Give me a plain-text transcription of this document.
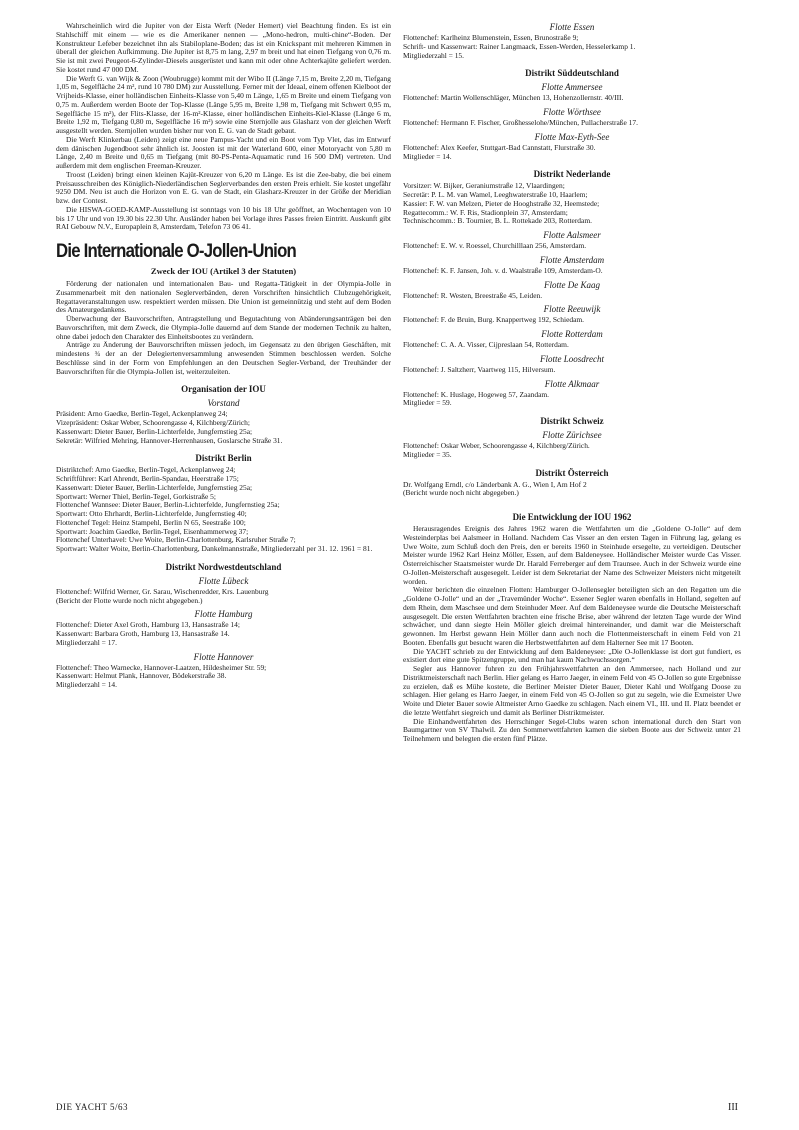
Wahrscheinlich wird die Jupiter von der Eista Werft (Neder Hemert) viel Beachtung finden. Es ist ein Stahlschiff mit einem — wie es die Amerikaner nennen — „Mono-hedron, multi-chine“-Boden. Der Konstrukteur Lefeber bezeichnet ihn als Stabiloplane-Boden; das ist ein Knickspant mit mehreren Kimmen in überall der gleichen Aufkimmung. Die Jupiter ist 8,75 m lang, 2,97 m breit und hat einen Tiefgang von 0,76 m. Sie ist mit zwei Peugeot-6-Zylinder-Diesels ausgerüstet und kann mit oder ohne Achterkajüte geliefert werden. Sie kostet rund 47 000 DM.

Die Werft G. van Wijk & Zoon (Woubrugge) kommt mit der Wibo II (Länge 7,15 m, Breite 2,20 m, Tiefgang 1,05 m, Segelfläche 24 m², rund 10 780 DM) zur Ausstellung. Ferner mit der Ideaal, einem offenen Kielboot der Vrijheids-Klasse, einer holländischen Einheits-Klasse von 5,40 m Länge, 1,65 m Breite und einem Tiefgang von 0,75 m. Außerdem werden Boote der Top-Klasse (Länge 5,95 m, Breite 1,98 m, Tiefgang mit Schwert 0,95 m, Segelfläche 15 m²), der Flits-Klasse, der 16-m²-Klasse, einer holländischen Einheits-Kiel-Klasse (Länge 6 m, Breite 1,92 m, Tiefgang 0,80 m, Segelfläche 16 m²) sowie eine Sternjolle aus Glasharz von der gleichen Werft ausgestellt werden. Sternjollen wurden bisher nur von E. G. van de Stadt gebaut.

Die Werft Klinkerbau (Leiden) zeigt eine neue Pampus-Yacht und ein Boot vom Typ Vlet, das im Entwurf dem dänischen Jugendboot sehr ähnlich ist. Joosten ist mit der Waterland 600, einer Motoryacht von 5,80 m Länge, 2,40 m Breite und 0,65 m Tiefgang (mit 80-PS-Penta-Aquamatic rund 16 500 DM) vertreten. Und außerdem mit dem englischen Freeman-Kreuzer.

Troost (Leiden) bringt einen kleinen Kajüt-Kreuzer von 6,20 m Länge. Es ist die Zee-baby, die bei einem Preisausschreiben des Königlich-Niederländischen Seglerverbandes den ersten Preis erhielt. Sie kostet ungefähr 9250 DM. Neu ist auch die Horizon von E. G. van de Stadt, ein Glasharz-Kreuzer in der Größe der Meridian bzw. der Contest.

Die HISWA-GOED-KAMP-Ausstellung ist sonntags von 10 bis 18 Uhr geöffnet, an Wochentagen von 10 bis 17 Uhr und von 19.30 bis 22.30 Uhr. Ausländer haben bei Vorlage ihres Passes freien Eintritt. Auskunft gibt RAI Gebouw N.V., Europaplein 8, Amsterdam, Telefon 73 06 41.

Die Internationale O-Jollen-Union
Zweck der IOU (Artikel 3 der Statuten)

Förderung der nationalen und internationalen Bau- und Regatta-Tätigkeit in der Olympia-Jolle in Zusammenarbeit mit den nationalen Seglerverbänden, deren Vorschriften hinsichtlich Clubzugehörigkeit, Regattaveranstaltungen usw. respektiert werden müssen. Die Union ist gemeinnützig und steht auf dem Boden des Amateurgedankens.

Überwachung der Bauvorschriften, Antragstellung und Begutachtung von Abänderungsanträgen bei den Bauvorschriften, mit dem Zweck, die Olympia-Jolle dauernd auf dem Stande der modernen Technik zu halten, ohne dabei jedoch den Charakter des Einheitsbootes zu verändern.

Anträge zu Änderung der Bauvorschriften müssen jedoch, im Gegensatz zu den übrigen Geschäften, mit mindestens ¾ der an der Delegiertenversammlung anwesenden Stimmen beschlossen werden. Solche Beschlüsse sind in der Form von Empfehlungen an den Deutschen Segler-Verband, der Treuhänder der Bauvorschriften für die Olympia-Jollen ist, weiterzuleiten.

Organisation der IOU
Vorstand

Präsident: Arno Gaedke, Berlin-Tegel, Ackenplanweg 24;

Vizepräsident: Oskar Weber, Schoorengasse 4, Kilchberg/Zürich;

Kassenwart: Dieter Bauer, Berlin-Lichterfelde, Jungfernstieg 25a;

Sekretär: Wilfried Mehring, Hannover-Herrenhausen, Goslarsche Straße 31.

Distrikt Berlin

Distriktchef: Arno Gaedke, Berlin-Tegel, Ackenplanweg 24;

Schriftführer: Karl Ahrendt, Berlin-Spandau, Heerstraße 175;

Kassenwart: Dieter Bauer, Berlin-Lichterfelde, Jungfernstieg 25a;

Sportwart: Werner Thiel, Berlin-Tegel, Gorkistraße 5;

Flottenchef Wannsee: Dieter Bauer, Berlin-Lichterfelde, Jungfernstieg 25a;

Sportwart: Otto Ehrhardt, Berlin-Lichterfelde, Jungfernstieg 40;

Flottenchef Tegel: Heinz Stampehl, Berlin N 65, Seestraße 100;

Sportwart: Joachim Gaedke, Berlin-Tegel, Eisenhammerweg 37;

Flottenchef Unterhavel: Uwe Woite, Berlin-Charlottenburg, Karlsruher Straße 7;

Sportwart: Walter Woite, Berlin-Charlottenburg, Dankelmannstraße, Mitgliederzahl per 31. 12. 1961 = 81.

Distrikt Nordwestdeutschland
Flotte Lübeck

Flottenchef: Wilfrid Werner, Gr. Sarau, Wischenredder, Krs. Lauenburg

(Bericht der Flotte wurde noch nicht abgegeben.)

Flotte Hamburg

Flottenchef: Dieter Axel Groth, Hamburg 13, Hansastraße 14;

Kassenwart: Barbara Groth, Hamburg 13, Hansastraße 14.

Mitgliederzahl = 17.

Flotte Hannover

Flottenchef: Theo Warnecke, Hannover-Laatzen, Hildesheimer Str. 59;

Kassenwart: Helmut Plank, Hannover, Bödekerstraße 38.

Mitgliederzahl = 14.

Flotte Essen

Flottenchef: Karlheinz Blumenstein, Essen, Brunostraße 9;

Schrift- und Kassenwart: Rainer Langmaack, Essen-Werden, Hesselerkamp 1.

Mitgliederzahl = 15.

Distrikt Süddeutschland
Flotte Ammersee

Flottenchef: Martin Wollenschläger, München 13, Hohenzollernstr. 40/III.

Flotte Wörthsee

Flottenchef: Hermann F. Fischer, Großhesselohe/München, Pullacherstraße 17.

Flotte Max-Eyth-See

Flottenchef: Alex Keefer, Stuttgart-Bad Cannstatt, Flurstraße 30.

Mitglieder = 14.

Distrikt Nederlande

Vorsitzer: W. Bijker, Geraniumstraße 12, Vlaardingen;

Secretär: P. L. M. van Wamel, Leeghwaterstraße 10, Haarlem;

Kassier: F. W. van Melzen, Pieter de Hooghstraße 32, Heemstede;

Regattecomm.: W. F. Ris, Stadionplein 37, Amsterdam;

Technischcomm.: B. Tournier, B. L. Rottekade 203, Rotterdam.

Flotte Aalsmeer

Flottenchef: E. W. v. Roessel, Churchilllaan 256, Amsterdam.

Flotte Amsterdam

Flottenchef: K. F. Jansen, Joh. v. d. Waalstraße 109, Amsterdam-O.

Flotte De Kaag

Flottenchef: R. Westen, Breestraße 45, Leiden.

Flotte Reeuwijk

Flottenchef: F. de Bruin, Burg. Knappertweg 192, Schiedam.

Flotte Rotterdam

Flottenchef: C. A. A. Visser, Cijpreslaan 54, Rotterdam.

Flotte Loosdrecht

Flottenchef: J. Saltzherr, Vaartweg 115, Hilversum.

Flotte Alkmaar

Flottenchef: K. Huslage, Hogeweg 57, Zaandam.

Mitglieder = 59.

Distrikt Schweiz
Flotte Zürichsee

Flottenchef: Oskar Weber, Schoorengasse 4, Kilchberg/Zürich.

Mitglieder = 35.

Distrikt Österreich

Dr. Wolfgang Erndl, c/o Länderbank A. G., Wien I, Am Hof 2

(Bericht wurde noch nicht abgegeben.)

Die Entwicklung der IOU 1962

Herausragendes Ereignis des Jahres 1962 waren die Wettfahrten um die „Goldene O-Jolle“ auf dem Westeinderplas bei Aalsmeer in Holland. Nachdem Cas Visser an den ersten Tagen in Führung lag, gelang es Uwe Woite, zum Schluß doch den Preis, den er bereits 1960 in Steinhude ersegelte, zu verteidigen. Deutscher Meister wurde 1962 Karl Heinz Möller, Essen, auf dem Baldeneysee. Holländischer Meister wurde Cas Visser. Österreichischer Staatsmeister wurde Dr. Harald Ferreberger auf dem Traunsee. Auch in der Schweiz wurde eine O-Jollen-Meisterschaft ausgesegelt. Leider ist dem Sekretariat der Name des Schweizer Meisters nicht mitgeteilt worden.

Weiter berichten die einzelnen Flotten: Hamburger O-Jollensegler beteiligten sich an den Regatten um die „Goldene O-Jolle“ und an der „Travemünder Woche“. Essener Segler waren ebenfalls in Holland, segelten auf dem Rhein, dem Maschsee und dem Steinhuder Meer. Auf dem Baldeneysee wurde die Deutsche Meisterschaft ausgesegelt. Die ersten Wettfahrten brachten eine frische Brise, aber während der letzten Tage wurde der Wind schwächer, und dann siegte Hein Möller gleich dreimal hintereinander, und damit war die Meisterschaft gewonnen. Im Herbst gewann Hein Möller dann auch noch die Flottenmeisterschaft in einem Feld von 21 Booten. Ebenfalls gut besucht waren die Herbstwettfahrten auf dem Halterner See mit 17 Booten.

Die YACHT schrieb zu der Entwicklung auf dem Baldeneysee: „Die O-Jollenklasse ist dort gut fundiert, es existiert dort eine gute Spitzengruppe, und man hat kaum Nachwuchssorgen.“

Segler aus Hannover fuhren zu den Frühjahrswettfahrten an den Ammersee, nach Holland und zur Distriktmeisterschaft nach Berlin. Hier gelang es Harro Jaeger, in einem Feld von 45 O-Jollen so gute Ergebnisse zu erzielen, daß es Mühe kostete, die Berliner Meister Dieter Bauer, Dieter Kahl und Wolfgang Doose zu schlagen. Hier gelang es Harro Jaeger, in einem Feld von 45 O-Jollen so gut zu segeln, wie die Exmeister Uwe Woite und Dieter Bauer sowie Altmeister Arno Gaedke zu schlagen. Nach einem VI., III. und II. Platz beendet er die letzte Wettfahrt siegreich und damit als Berliner Distriktmeister.

Die Einhandwettfahrten des Herrschinger Segel-Clubs waren schon international durch den Start von Baumgartner von SV Thalwil. Zu den Sommerwettfahrten kamen die sieben Boote aus der Schweiz unter 21 Teilnehmern und belegten die ersten fünf Plätze.

DIE YACHT 5/63	III
